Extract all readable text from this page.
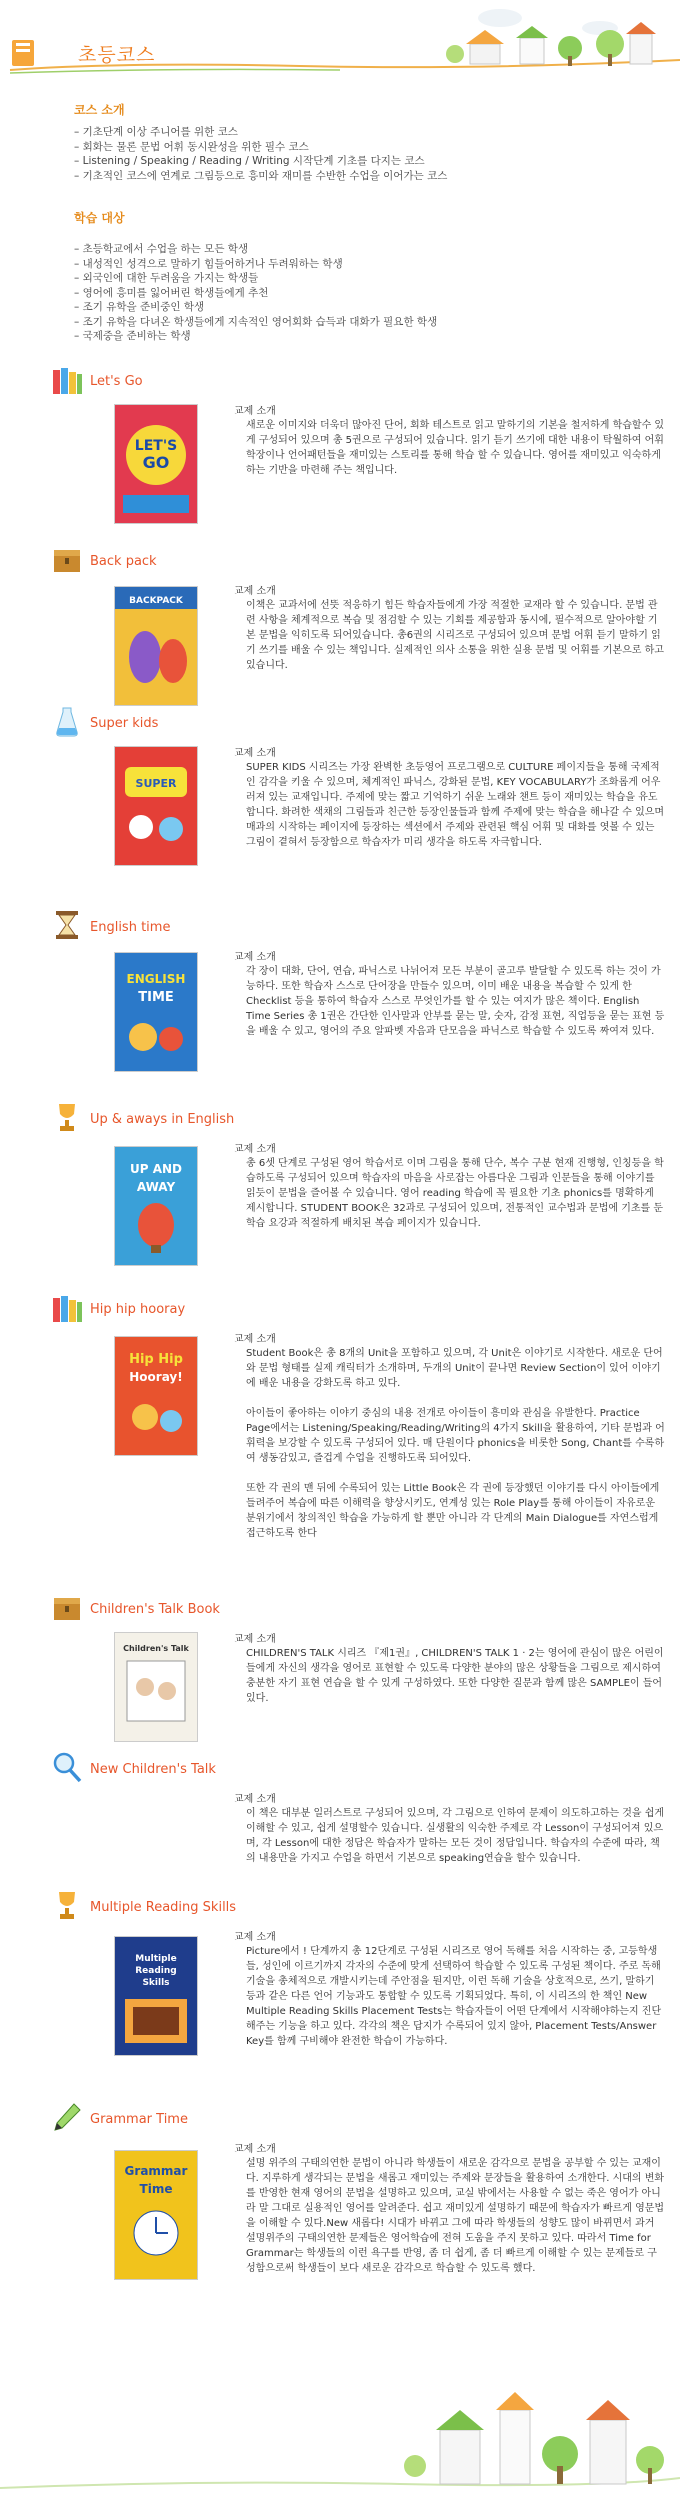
초등코스
코스 소개
– 기초단계 이상 주니어를 위한 코스
– 회화는 물론 문법 어휘 동시완성을 위한 필수 코스
– Listening / Speaking / Reading / Writing 시작단계 기초를 다지는 코스
– 기초적인 코스에 연계로 그림등으로 흥미와 재미를 수반한 수업을 이어가는 코스
학습 대상
– 초등학교에서 수업을 하는 모든 학생
– 내성적인 성격으로 말하기 힘들어하거나 두려워하는 학생
– 외국인에 대한 두려움을 가지는 학생들
– 영어에 흥미를 잃어버린 학생들에게 추천
– 조기 유학을 준비중인 학생
– 조기 유학을 다녀온 학생들에게 지속적인 영어회화 습득과 대화가 필요한 학생
– 국제중을 준비하는 학생
Let's Go
LET'S
GO
교제 소개

새로운 이미지와 더욱더 많아진 단어, 회화 테스트로 읽고 말하기의 기본을 철저하게 학습할수 있게 구성되어 있으며 총 5권으로 구성되어 있습니다. 읽기 듣기 쓰기에 대한 내용이 탁월하여 어휘학장이나 언어패턴들을 재미있는 스토리를 통해 학습 할 수 있습니다. 영어를 재미있고 익숙하게 하는 기반을 마련해 주는 책입니다.

Back pack
BACKPACK
교제 소개

이책은 교과서에 선뜻 적응하기 힘든 학습자들에게 가장 적절한 교재라 할 수 있습니다. 문법 관련 사항을 체계적으로 복습 및 점검할 수 있는 기회를 제공함과 동시에, 필수적으로 알아야할 기본 문법을 익히도록 되어있습니다. 총6권의 시리즈로 구성되어 있으며 문법 어휘 듣기 말하기 읽기 쓰기를 배울 수 있는 책입니다. 실제적인 의사 소통을 위한 실용 문법 및 어휘를 기본으로 하고 있습니다.

Super kids
SUPER
교제 소개

SUPER KIDS 시리즈는 가장 완벽한 초등영어 프로그램으로 CULTURE 페이지들을 통해 국제적인 감각을 키울 수 있으며, 체계적인 파닉스, 강화된 문법, KEY VOCABULARY가 조화롭게 어우러져 있는 교재입니다. 주제에 맞는 짧고 기억하기 쉬운 노래와 챈트 등이 재미있는 학습을 유도 합니다. 화려한 색채의 그림들과 친근한 등장인물들과 함께 주제에 맞는 학습을 해나갈 수 있으며 매과의 시작하는 페이지에 등장하는 섹션에서 주제와 관련된 핵심 어휘 및 대화를 엿볼 수 있는 그림이 곁혀서 등장함으로 학습자가 미리 생각을 하도록 자극합니다.

English time
ENGLISH
TIME
교제 소개

각 장이 대화, 단어, 연습, 파닉스로 나뉘어져 모든 부분이 골고루 발달할 수 있도록 하는 것이 가능하다. 또한 학습자 스스로 단어장을 만들수 있으며, 이미 배운 내용을 복습할 수 있게 한 Checklist 등을 통하여 학습자 스스로 무엇인가를 할 수 있는 여지가 많은 책이다. English Time Series 총 1권은 간단한 인사말과 안부를 묻는 말, 숫자, 감정 표현, 직업등을 묻는 표현 등을 배울 수 있고, 영어의 주요 알파벳 자음과 단모음을 파닉스로 학습할 수 있도록 짜여져 있다.

Up & aways in English
UP AND
AWAY
교제 소개

총 6셋 단계로 구성된 영어 학습서로 이며 그림을 통해 단수, 복수 구분 현재 진행형, 인칭등을 학습하도록 구성되어 있으며 학습자의 마음을 사로잡는 아름다운 그림과 인문들을 통해 이야기를 읽듯이 문법을 즐어볼 수 있습니다. 영어 reading 학습에 꼭 필요한 기초 phonics를 명확하게 제시합니다. STUDENT BOOK은 32과로 구성되어 있으며, 전통적인 교수법과 문법에 기초를 둔 학습 요강과 적절하게 배치된 복습 페이지가 있습니다.

Hip hip hooray
Hip Hip
Hooray!
교제 소개

Student Book은 총 8개의 Unit을 포함하고 있으며, 각 Unit은 이야기로 시작한다. 새로운 단어와 문법 형태를 실제 캐릭터가 소개하며, 두개의 Unit이 끝나면 Review Section이 있어 이야기에 배운 내용을 강화도록 하고 있다.

아이들이 좋아하는 이야기 중심의 내용 전개로 아이들이 흥미와 관심을 유발한다. Practice Page에서는 Listening/Speaking/Reading/Writing의 4가지 Skill을 활용하여, 기타 문법과 어휘력을 보강할 수 있도록 구성되어 있다. 매 단원이다 phonics을 비롯한 Song, Chant를 수록하여 생동감있고, 즐겁게 수업을 진행하도록 되어있다.

또한 각 권의 맨 뒤에 수록되어 있는 Little Book은 각 권에 등장했던 이야기를 다시 아이들에게 들려주어 복습에 따른 이해력을 향상시키도, 연계성 있는 Role Play를 통해 아이들이 자유로운 분위기에서 창의적인 학습을 가능하게 할 뿐만 아니라 각 단계의 Main Dialogue를 자연스럽게 접근하도록 한다

Children's Talk Book
Children's Talk
교제 소개

CHILDREN'S TALK 시리즈 『제1권』, CHILDREN'S TALK 1 · 2는 영어에 관심이 많은 어린이들에게 자신의 생각을 영어로 표현할 수 있도록 다양한 분야의 많은 상황들을 그림으로 제시하여 충분한 자기 표현 연습을 할 수 있게 구성하였다. 또한 다양한 질문과 함께 많은 SAMPLE이 들어 있다.

New Children's Talk
교제 소개

이 책은 대부분 일러스트로 구성되어 있으며, 각 그림으로 인하여 문제이 의도하고하는 것을 쉽게 이해할 수 있고, 쉽게 설명할수 있습니다. 실생활의 익숙한 주제로 각 Lesson이 구성되어져 있으며, 각 Lesson에 대한 정답은 학습자가 말하는 모든 것이 정답입니다. 학습자의 수준에 따라, 책의 내용만을 가지고 수업을 하면서 기본으로 speaking연습을 할수 있습니다.

Multiple Reading Skills
Multiple
Reading
Skills
교제 소개

Picture에서 ! 단계까지 총 12단계로 구성된 시리즈로 영어 독해를 처음 시작하는 중, 고등학생들, 성인에 이르기까지 각자의 수준에 맞게 선택하여 학습할 수 있도록 구성된 책이다. 주로 독해 기술을 총체적으로 개발시키는데 주안점을 둰지만, 이런 독해 기술을 상호적으로, 쓰기, 말하기 등과 같은 다른 언어 기능과도 통합할 수 있도록 기획되었다. 특히, 이 시리즈의 한 책인 New Multiple Reading Skills Placement Tests는 학습자들이 어떤 단계에서 시작해야하는지 진단해주는 기능을 하고 있다. 각각의 책은 답지가 수록되어 있지 않아, Placement Tests/Answer Key를 함께 구비해야 완전한 학습이 가능하다.

Grammar Time
Grammar
Time
교제 소개

설명 위주의 구태의연한 문법이 아니라 학생들이 새로운 감각으로 문법을 공부할 수 있는 교재이다. 지루하게 생각되는 문법을 새롭고 재미있는 주제와 문장들을 활용하여 소개한다. 시대의 변화를 반영한 현재 영어의 문법을 설명하고 있으며, 교실 밖에서는 사용할 수 없는 죽은 영어가 아니라 말 그대로 실용적인 영어를 알려준다. 쉽고 재미있게 설명하기 때문에 학습자가 빠르게 영문법을 이해할 수 있다.New 새롭다! 시대가 바뀌고 그에 따라 학생들의 성향도 많이 바뀌면서 과거 설명위주의 구태의연한 문제들은 영어학습에 전혀 도움을 주지 못하고 있다. 따라서 Time for Grammar는 학생들의 이런 욕구를 반영, 좀 더 쉽게, 좀 더 빠르게 이해할 수 있는 문제들로 구성함으로써 학생들이 보다 새로운 감각으로 학습할 수 있도록 했다.
